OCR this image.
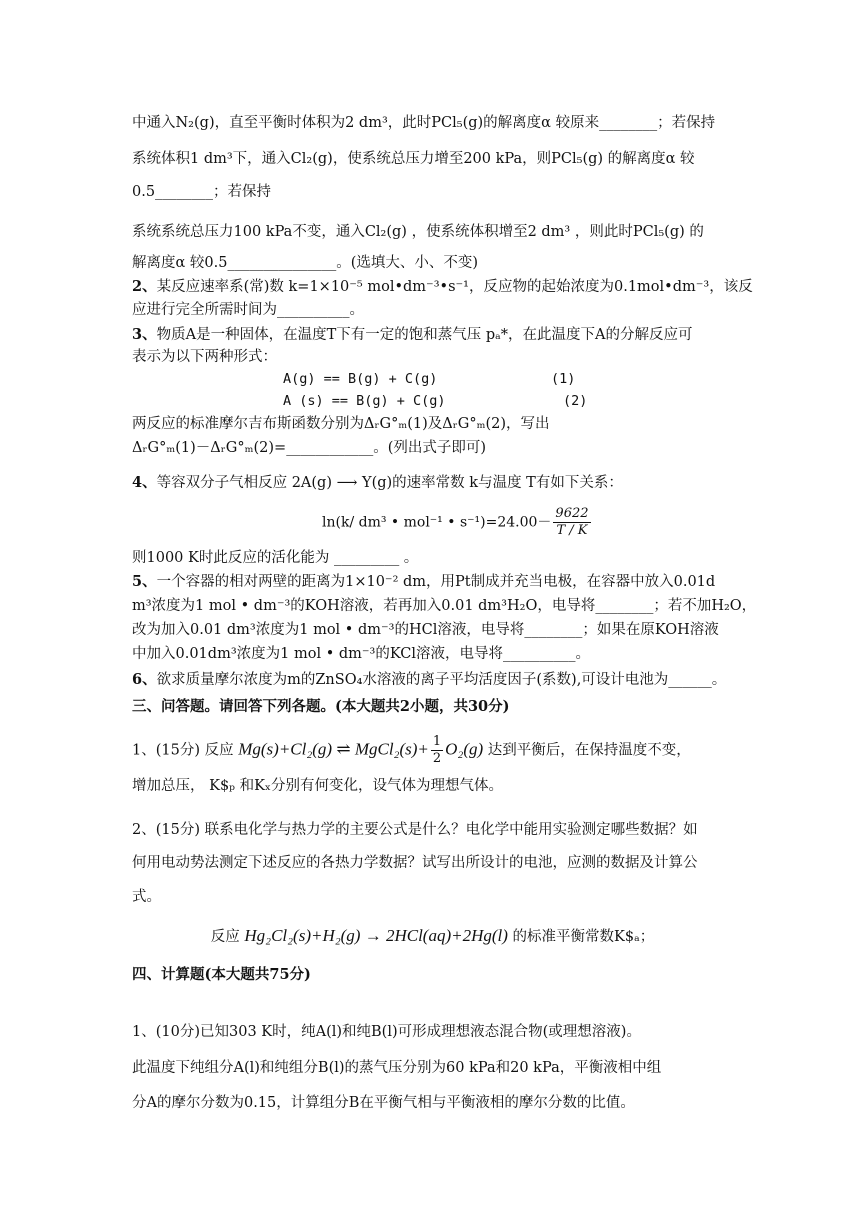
中通入N₂(g)，直至平衡时体积为2 dm³，此时PCl₅(g)的解离度α 较原来________；若保持
系统体积1 dm³下，通入Cl₂(g)，使系统总压力增至200 kPa，则PCl₅(g) 的解离度α 较
0.5________；若保持
系统系统总压力100 kPa不变，通入Cl₂(g) ，使系统体积增至2 dm³ ，则此时PCl₅(g) 的
解离度α 较0.5_______________。(选填大、小、不变)
2、某反应速率系(常)数 k=1×10⁻⁵ mol•dm⁻³•s⁻¹，反应物的起始浓度为0.1mol•dm⁻³，该反
应进行完全所需时间为__________。
3、物质A是一种固体，在温度T下有一定的饱和蒸气压 pₐ*，在此温度下A的分解反应可
表示为以下两种形式：
A(g) == B(g) + C(g)	(1)
A (s) == B(g) + C(g)	(2)
两反应的标准摩尔吉布斯函数分别为ΔᵣG°ₘ(1)及ΔᵣG°ₘ(2)，写出
ΔᵣG°ₘ(1)－ΔᵣG°ₘ(2)=____________。(列出式子即可)
4、等容双分子气相反应 2A(g) ⟶ Y(g)的速率常数 k与温度 T有如下关系：
ln(k/ dm³ • mol⁻¹ • $s^{-1})=24.00- \frac{9622}{T / K}$
则1000 K时此反应的活化能为 _________ 。
5、一个容器的相对两壁的距离为1×10⁻² dm，用Pt制成并充当电极，在容器中放入0.01d
m³浓度为1 mol • dm⁻³的KOH溶液，若再加入0.01 dm³H₂O，电导将________；若不加H₂O，
改为加入0.01 dm³浓度为1 mol • dm⁻³的HCl溶液，电导将________；如果在原KOH溶液
中加入0.01dm³浓度为1 mol • dm⁻³的KCl溶液，电导将__________。
6、欲求质量摩尔浓度为m的ZnSO₄水溶液的离子平均活度因子(系数),可设计电池为______。
三、问答题。请回答下列各题。(本大题共2小题，共30分)
1、(15分) 反应 Mg(s)+Cl₂(g) ⇌ MgCl₂(s)+ $\frac{1}{2} O_2(g)$ 达到平衡后，在保持温度不变，
增加总压， K$ₚ 和Kₓ分别有何变化，设气体为理想气体。
2、(15分) 联系电化学与热力学的主要公式是什么？电化学中能用实验测定哪些数据？如
何用电动势法测定下述反应的各热力学数据？试写出所设计的电池，应测的数据及计算公
式。
反应 Hg₂Cl₂(s)+H₂(g) → 2HCl(aq)+2Hg(l) 的标准平衡常数K$ₐ；
四、计算题(本大题共75分)
1、(10分)已知303 K时，纯A(l)和纯B(l)可形成理想液态混合物(或理想溶液)。
此温度下纯组分A(l)和纯组分B(l)的蒸气压分别为60 kPa和20 kPa，平衡液相中组
分A的摩尔分数为0.15，计算组分B在平衡气相与平衡液相的摩尔分数的比值。
